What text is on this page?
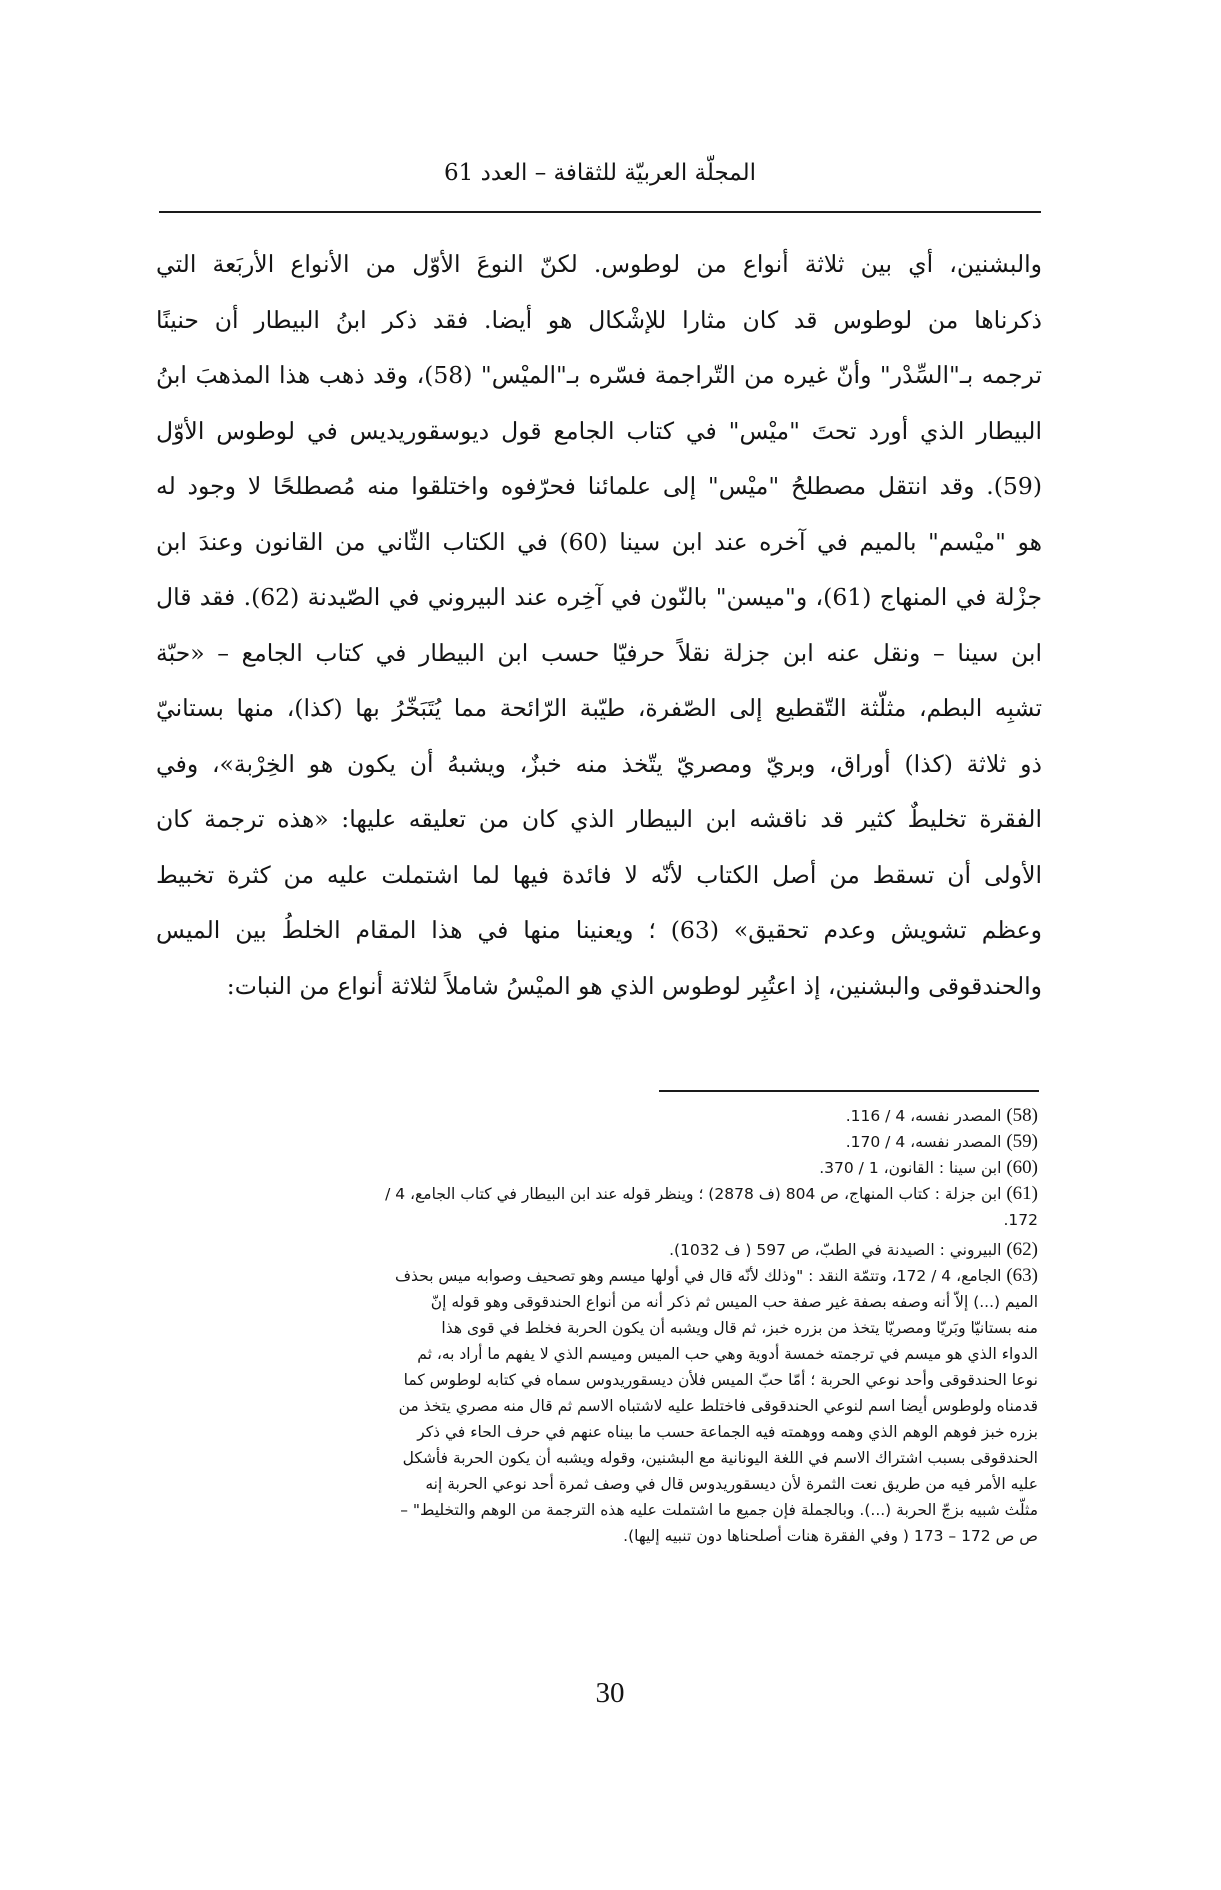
المجلّة العربيّة للثقافة – العدد 61
والبشنين، أي بين ثلاثة أنواع من لوطوس. لكنّ النوعَ الأوّل من الأنواع الأربَعة التي
ذكرناها من لوطوس قد كان مثارا للإشْكال هو أيضا. فقد ذكر ابنُ البيطار أن حنينًا
ترجمه بـ"السِّدْر" وأنّ غيره من التّراجمة فسّره بـ"الميْس" (58)، وقد ذهب هذا المذهبَ ابنُ
البيطار الذي أورد تحتَ "ميْس" في كتاب الجامع قول ديوسقوريديس في لوطوس الأوّل
(59). وقد انتقل مصطلحُ "ميْس" إلى علمائنا فحرّفوه واختلقوا منه مُصطلحًا لا وجود له
هو "ميْسم" بالميم في آخره عند ابن سينا (60) في الكتاب الثّاني من القانون وعندَ ابن
جزْلة في المنهاج (61)، و"ميسن" بالنّون في آخِره عند البيروني في الصّيدنة (62). فقد قال
ابن سينا – ونقل عنه ابن جزلة نقلاً حرفيّا حسب ابن البيطار في كتاب الجامع – «حبّة
تشبِه البطم، مثلّثة التّقطيع إلى الصّفرة، طيّبة الرّائحة مما يُتَبَخّرُ بها (كذا)، منها بستانيّ
ذو ثلاثة (كذا) أوراق، وبريّ ومصريّ يتّخذ منه خبزٌ، ويشبهُ أن يكون هو الخِرْبة»، وفي
الفقرة تخليطٌ كثير قد ناقشه ابن البيطار الذي كان من تعليقه عليها: «هذه ترجمة كان
الأولى أن تسقط من أصل الكتاب لأنّه لا فائدة فيها لما اشتملت عليه من كثرة تخبيط
وعظم تشويش وعدم تحقيق» (63) ؛ ويعنينا منها في هذا المقام الخلطُ بين الميس
والحندقوقى والبشنين، إذ اعتُبِر لوطوس الذي هو الميْسُ شاملاً لثلاثة أنواع من النبات:
(58) المصدر نفسه، 4 / 116.
(59) المصدر نفسه، 4 / 170.
(60) ابن سينا : القانون، 1 / 370.
(61) ابن جزلة : كتاب المنهاج، ص 804 (ف 2878) ؛ وينظر قوله عند ابن البيطار في كتاب الجامع، 4 /
172.
(62) البيروني : الصيدنة في الطبّ، ص 597 ( ف 1032).
(63) الجامع، 4 / 172، وتتمّة النقد : "وذلك لأنّه قال في أولها ميسم وهو تصحيف وصوابه ميس بحذف
الميم (...) إلاّ أنه وصفه بصفة غير صفة حب الميس ثم ذكر أنه من أنواع الحندقوقى وهو قوله إنّ
منه بستانيّا وبَريّا ومصريّا يتخذ من بزره خبز، ثم قال ويشبه أن يكون الحربة فخلط في قوى هذا
الدواء الذي هو ميسم في ترجمته خمسة أدوية وهي حب الميس وميسم الذي لا يفهم ما أراد به، ثم
نوعا الحندقوقى وأحد نوعي الحربة ؛ أمّا حبّ الميس فلأن ديسقوريدوس سماه في كتابه لوطوس كما
قدمناه ولوطوس أيضا اسم لنوعي الحندقوقى فاختلط عليه لاشتباه الاسم ثم قال منه مصري يتخذ من
بزره خبز فوهم الوهم الذي وهمه ووهمته فيه الجماعة حسب ما بيناه عنهم في حرف الحاء في ذكر
الحندقوقى بسبب اشتراك الاسم في اللغة اليونانية مع البشنين، وقوله ويشبه أن يكون الحربة فأشكل
عليه الأمر فيه من طريق نعت الثمرة لأن ديسقوريدوس قال في وصف ثمرة أحد نوعي الحربة إنه
مثلّث شبيه بزجّ الحربة (...). وبالجملة فإن جميع ما اشتملت عليه هذه الترجمة من الوهم والتخليط" –
ص ص 172 – 173 ( وفي الفقرة هنات أصلحناها دون تنبيه إليها).
30
